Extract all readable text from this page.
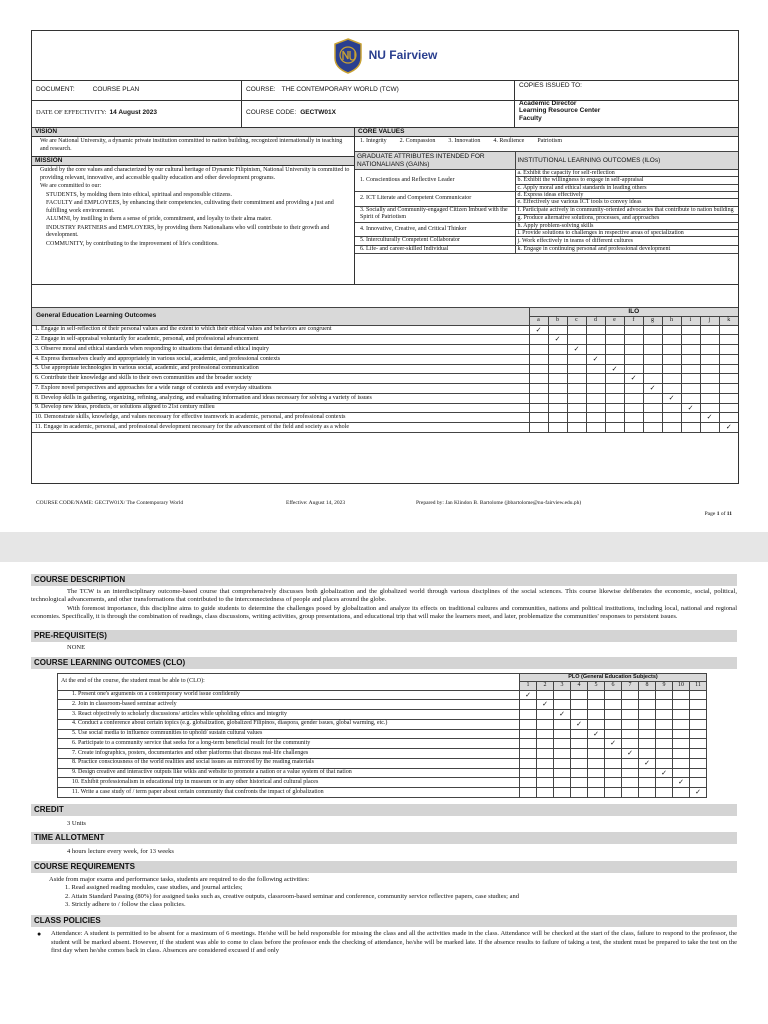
NU Fairview
DOCUMENT:	COURSE PLAN	COURSE: THE CONTEMPORARY WORLD (TCW)
COPIES ISSUED TO:
DATE OF EFFECTIVITY: 14 August 2023	COURSE CODE: GECTW01X
Academic Director
Learning Resource Center
Faculty
VISION
We are National University, a dynamic private institution committed to nation building, recognized internationally in teaching and research.
MISSION
Guided by the core values and characterized by our cultural heritage of Dynamic Filipinism, National University is committed to providing relevant, innovative, and accessible quality education and other development programs.
We are committed to our:
STUDENTS, by molding them into ethical, spiritual and responsible citizens.
FACULTY and EMPLOYEES, by enhancing their competencies, cultivating their commitment and providing a just and fulfilling work environment.
ALUMNI, by instilling in them a sense of pride, commitment, and loyalty to their alma mater.
INDUSTRY PARTNERS and EMPLOYERS, by providing them Nationalians who will contribute to their growth and development.
COMMUNITY, by contributing to the improvement of life's conditions.
CORE VALUES
1. Integrity 2. Compassion 3. Innovation 4. Resilience Patriotism
GRADUATE ATTRIBUTES INTENDED FOR NATIONALIANS (GAINs)	INSTITUTIONAL LEARNING OUTCOMES (ILOs)
1. Conscientious and Reflective Leader	a. Exhibit the capacity for self-reflection
	b. Exhibit the willingness to engage in self-appraisal
	c. Apply moral and ethical standards in leading others
2. ICT Literate and Competent Communicator	d. Express ideas effectively
	e. Effectively use various ICT tools to convey ideas
3. Socially and Community-engaged Citizen Imbued with the Spirit of Patriotism	f. Participate actively in community-oriented advocacies that contribute to nation building
	g. Produce alternative solutions, processes, and approaches
4. Innovative, Creative, and Critical Thinker	h. Apply problem-solving skills
	i. Provide solutions to challenges in respective areas of specialization
5. Interculturally Competent Collaborator	j. Work effectively in teams of different cultures
6. Life- and career-skilled Individual	k. Engage in continuing personal and professional development
General Education Learning Outcomes	ILO										
	a	b	c	d	e	f	g	h	i	j	k
1. Engage in self-reflection of their personal values and the extent to which their ethical values and behaviors are congruent	✓										
2. Engage in self-appraisal voluntarily for academic, personal, and professional advancement		✓									
3. Observe moral and ethical standards when responding to situations that demand ethical inquiry			✓								
4. Express themselves clearly and appropriately in various social, academic, and professional contexts				✓							
5. Use appropriate technologies in various social, academic, and professional communication					✓						
6. Contribute their knowledge and skills to their own communities and the broader society						✓					
7. Explore novel perspectives and approaches for a wide range of contexts and everyday situations							✓				
8. Develop skills in gathering, organizing, refining, analyzing, and evaluating information and ideas necessary for solving a variety of issues								✓			
9. Develop new ideas, products, or solutions aligned to 21st century milieu									✓		
10. Demonstrate skills, knowledge, and values necessary for effective teamwork in academic, personal, and professional contexts										✓	
11. Engage in academic, personal, and professional development necessary for the advancement of the field and society as a whole											✓
COURSE CODE/NAME: GECTW01X/ The Contemporary World	Effective: August 14, 2023	Prepared by: Jan Klindon B. Bartolome (jbbartolome@nu-fairview.edu.ph)
Page 1 of 11
COURSE DESCRIPTION
The TCW is an interdisciplinary outcome-based course that comprehensively discusses both globalization and the globalized world through various disciplines of the social sciences. This course likewise deliberates the economic, social, political, technological advancements, and other transformations that contributed to the interconnectedness of people and places around the globe.
With foremost importance, this discipline aims to guide students to determine the challenges posed by globalization and analyze its effects on traditional cultures and communities, nations and political institutions, including local, national and regional economies. Specifically, it is through the combination of readings, class discussions, writing activities, group presentations, and educational trip that will make the learners meet, and later, problematize the communities' responses to persistent issues.
PRE-REQUISITE(S)
NONE
COURSE LEARNING OUTCOMES (CLO)
At the end of the course, the student must be able to (CLO):	PLO (General Education Subjects)										
	1	2	3	4	5	6	7	8	9	10	11
1. Present one's arguments on a contemporary world issue confidently	✓										
2. Join in classroom-based seminar actively		✓									
3. React objectively to scholarly discussions/ articles while upholding ethics and integrity			✓								
4. Conduct a conference about certain topics (e.g. globalization, globalized Filipinos, diaspora, gender issues, global warming, etc.)				✓							
5. Use social media to influence communities to uphold/ sustain cultural values					✓						
6. Participate to a community service that seeks for a long-term beneficial result for the community						✓					
7. Create infographics, posters, documentaries and other platforms that discuss real-life challenges							✓				
8. Practice consciousness of the world realities and social issues as mirrored by the reading materials								✓			
9. Design creative and interactive outputs like wikis and website to promote a nation or a value system of that nation									✓		
10. Exhibit professionalism in educational trip in museum or in any other historical and cultural places										✓	
11. Write a case study of / term paper about certain community that confronts the impact of globalization											✓
CREDIT
3 Units
TIME ALLOTMENT
4 hours lecture every week, for 13 weeks
COURSE REQUIREMENTS
Aside from major exams and performance tasks, students are required to do the following activities:
1. Read assigned reading modules, case studies, and journal articles;
2. Attain Standard Passing (80%) for assigned tasks such as, creative outputs, classroom-based seminar and conference, community service reflective papers, case studies; and
3. Strictly adhere to / follow the class policies.
CLASS POLICIES
●	Attendance: A student is permitted to be absent for a maximum of 6 meetings. He/she will be held responsible for missing the class and all the activities made in the class. Attendance will be checked at the start of the class, failure to respond to the professor, the student will be marked absent. However, if the student was able to come to class before the professor ends the checking of attendance, he/she will be marked late. If the absence results to failure of taking a test, the student must be prepared to take the test on the first day when he/she comes back in class. Absences are considered excused if and only
